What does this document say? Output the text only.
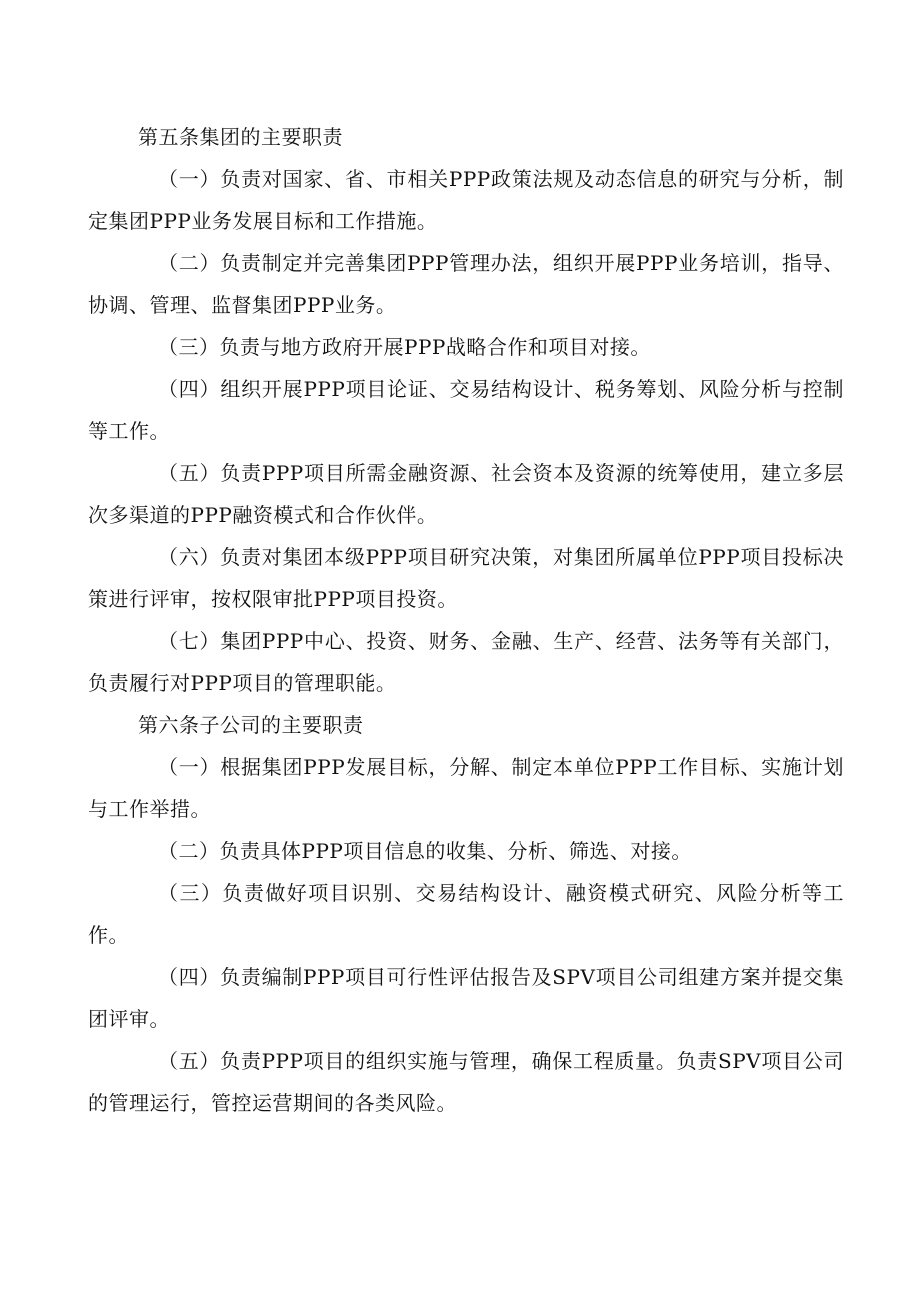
第五条集团的主要职责

（一）负责对国家、省、市相关PPP政策法规及动态信息的研究与分析，制定集团PPP业务发展目标和工作措施。

（二）负责制定并完善集团PPP管理办法，组织开展PPP业务培训，指导、协调、管理、监督集团PPP业务。

（三）负责与地方政府开展PPP战略合作和项目对接。

（四）组织开展PPP项目论证、交易结构设计、税务筹划、风险分析与控制等工作。

（五）负责PPP项目所需金融资源、社会资本及资源的统筹使用，建立多层次多渠道的PPP融资模式和合作伙伴。

（六）负责对集团本级PPP项目研究决策，对集团所属单位PPP项目投标决策进行评审，按权限审批PPP项目投资。

（七）集团PPP中心、投资、财务、金融、生产、经营、法务等有关部门，负责履行对PPP项目的管理职能。

第六条子公司的主要职责

（一）根据集团PPP发展目标，分解、制定本单位PPP工作目标、实施计划与工作举措。

（二）负责具体PPP项目信息的收集、分析、筛选、对接。

（三）负责做好项目识别、交易结构设计、融资模式研究、风险分析等工作。

（四）负责编制PPP项目可行性评估报告及SPV项目公司组建方案并提交集团评审。

（五）负责PPP项目的组织实施与管理，确保工程质量。负责SPV项目公司的管理运行，管控运营期间的各类风险。
